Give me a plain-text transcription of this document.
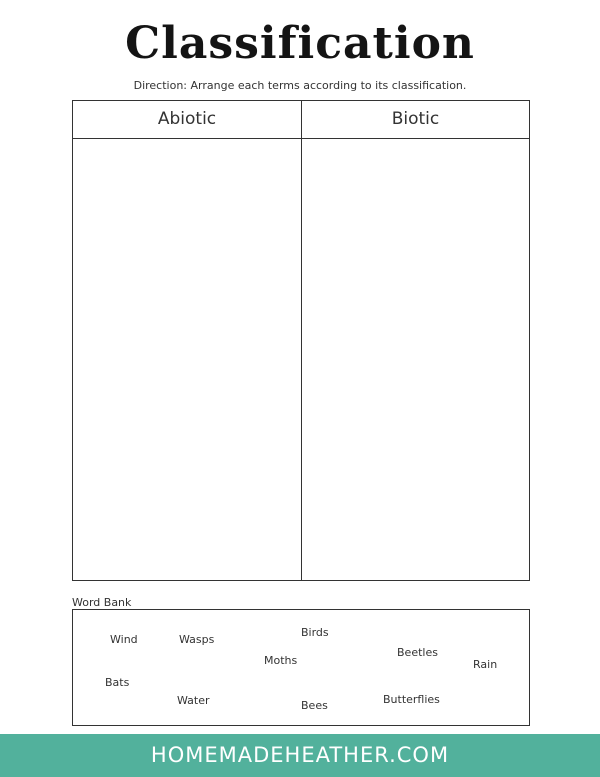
Classification
Direction: Arrange each terms according to its classification.
Abiotic	Biotic
Word Bank
Wind	Wasps
Birds
Moths
Beetles
Rain
Bats
Water	Bees	Butterflies
HOMEMADEHEATHER.COM
